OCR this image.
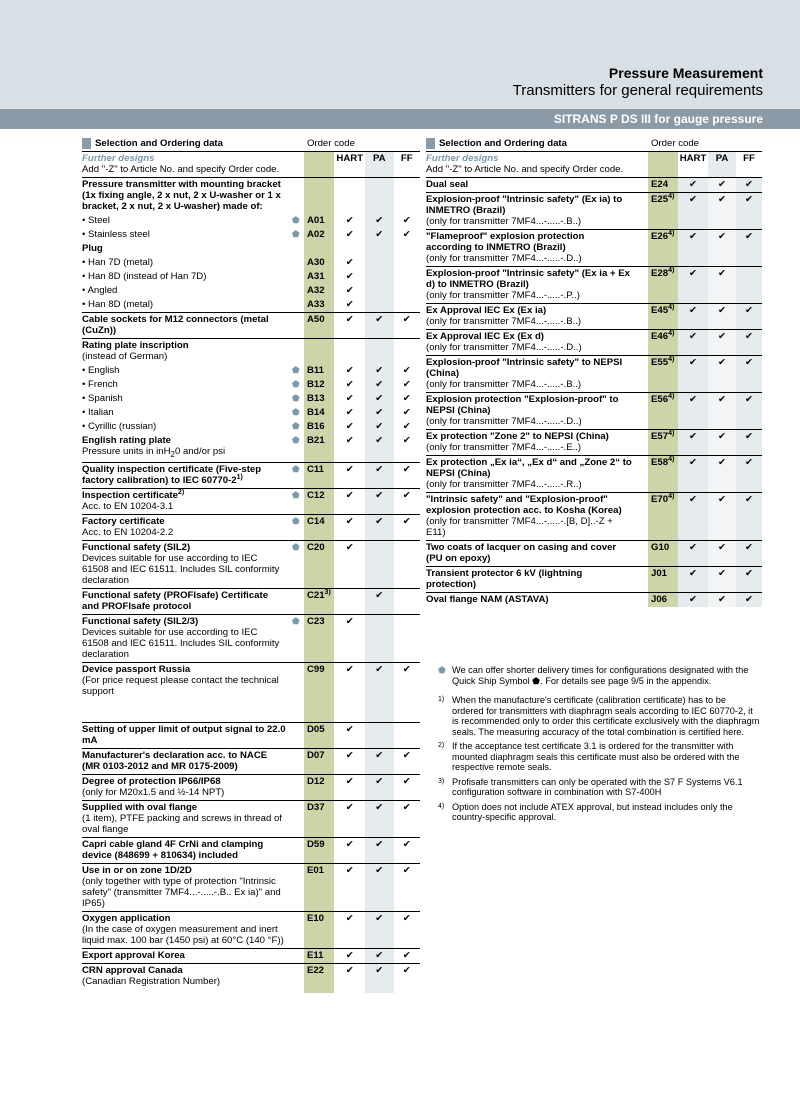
Pressure Measurement
Transmitters for general requirements
SITRANS P DS III for gauge pressure
Selection and Ordering data		Order code			
Further designs
Add "-Z" to Article No. and specify Order code.			HART	PA	FF
Pressure transmitter with mounting bracket (1x fixing angle, 2 x nut, 2 x U-washer or 1 x bracket, 2 x nut, 2 x U-washer) made of:					
• Steel	⬟	A01	✔	✔	✔
• Stainless steel	⬟	A02	✔	✔	✔
Plug					
• Han 7D (metal)		A30	✔		
• Han 8D (instead of Han 7D)		A31	✔		
• Angled		A32	✔		
• Han 8D (metal)		A33	✔		
Cable sockets for M12 connectors (metal (CuZn))		A50	✔	✔	✔
Rating plate inscription
(instead of German)					
• English	⬟	B11	✔	✔	✔
• French	⬟	B12	✔	✔	✔
• Spanish	⬟	B13	✔	✔	✔
• Italian	⬟	B14	✔	✔	✔
• Cyrillic (russian)	⬟	B16	✔	✔	✔
English rating plate
Pressure units in inH$_2$0 and/or psi	⬟	B21	✔	✔	✔
Quality inspection certificate (Five-step factory calibration) to IEC 60770-2$^{1)}$	⬟	C11	✔	✔	✔
Inspection certificate$^{2)}$
Acc. to EN 10204-3.1	⬟	C12	✔	✔	✔
Factory certificate
Acc. to EN 10204-2.2	⬟	C14	✔	✔	✔
Functional safety (SIL2)
Devices suitable for use according to IEC 61508 and IEC 61511. Includes SIL conformity declaration	⬟	C20	✔		
Functional safety (PROFIsafe) Certificate and PROFIsafe protocol		C21$^{3)}$		✔	
Functional safety (SIL2/3)
Devices suitable for use according to IEC 61508 and IEC 61511. Includes SIL conformity declaration	⬟	C23	✔		
Device passport Russia
(For price request please contact the technical support		C99	✔	✔	✔
Setting of upper limit of output signal to 22.0 mA		D05	✔		
Manufacturer's declaration acc. to NACE (MR 0103-2012 and MR 0175-2009)		D07	✔	✔	✔
Degree of protection IP66/IP68
(only for M20x1.5 and ½-14 NPT)		D12	✔	✔	✔
Supplied with oval flange
(1 item), PTFE packing and screws in thread of oval flange		D37	✔	✔	✔
Capri cable gland 4F CrNi and clamping device (848699 + 810634) included		D59	✔	✔	✔
Use in or on zone 1D/2D
(only together with type of protection "Intrinsic safety" (transmitter 7MF4...-.....-.B.. Ex ia)" and IP65)		E01	✔	✔	✔
Oxygen application
(In the case of oxygen measurement and inert liquid max. 100 bar (1450 psi) at 60°C (140 °F))		E10	✔	✔	✔
Export approval Korea		E11	✔	✔	✔
CRN approval Canada
(Canadian Registration Number)		E22	✔	✔	✔
Selection and Ordering data		Order code			
Further designs
Add "-Z" to Article No. and specify Order code.			HART	PA	FF
Dual seal		E24	✔	✔	✔
Explosion-proof "Intrinsic safety" (Ex ia) to INMETRO (Brazil)
(only for transmitter 7MF4...-.....-.B..)		E25$^{4)}$	✔	✔	✔
"Flameproof" explosion protection according to INMETRO (Brazil)
(only for transmitter 7MF4...-.....-.D..)		E26$^{4)}$	✔	✔	✔
Explosion-proof "Intrinsic safety" (Ex ia + Ex d) to INMETRO (Brazil)
(only for transmitter 7MF4...-.....-.P..)		E28$^{4)}$	✔	✔	
Ex Approval IEC Ex (Ex ia)
(only for transmitter 7MF4...-.....-.B..)		E45$^{4)}$	✔	✔	✔
Ex Approval IEC Ex (Ex d)
(only for transmitter 7MF4...-.....-.D..)		E46$^{4)}$	✔	✔	✔
Explosion-proof "Intrinsic safety" to NEPSI (China)
(only for transmitter 7MF4...-.....-.B..)		E55$^{4)}$	✔	✔	✔
Explosion protection "Explosion-proof" to NEPSI (China)
(only for transmitter 7MF4...-.....-.D..)		E56$^{4)}$	✔	✔	✔
Ex protection "Zone 2" to NEPSI (China)
(only for transmitter 7MF4...-.....-.E..)		E57$^{4)}$	✔	✔	✔
Ex protection „Ex ia“, „Ex d“ and „Zone 2“ to NEPSI (China)
(only for transmitter 7MF4...-.....-.R..)		E58$^{4)}$	✔	✔	✔
"Intrinsic safety" and "Explosion-proof" explosion protection acc. to Kosha (Korea)
(only for transmitter 7MF4...-.....-.[B, D]..-Z + E11)		E70$^{4)}$	✔	✔	✔
Two coats of lacquer on casing and cover (PU on epoxy)		G10	✔	✔	✔
Transient protector 6 kV (lightning protection)		J01	✔	✔	✔
Oval flange NAM (ASTAVA)		J06	✔	✔	✔
⬟ We can offer shorter delivery times for configurations designated with the Quick Ship Symbol ⬟. For details see page 9/5 in the appendix.
1) When the manufacture's certificate (calibration certificate) has to be ordered for transmitters with diaphragm seals according to IEC 60770-2, it is recommended only to order this certificate exclusively with the diaphragm seals. The measuring accuracy of the total combination is certified here.
2) If the acceptance test certificate 3.1 is ordered for the transmitter with mounted diaphragm seals this certificate must also be ordered with the respective remote seals.
3) Profisafe transmitters can only be operated with the S7 F Systems V6.1 configuration software in combination with S7-400H
4) Option does not include ATEX approval, but instead includes only the country-specific approval.
